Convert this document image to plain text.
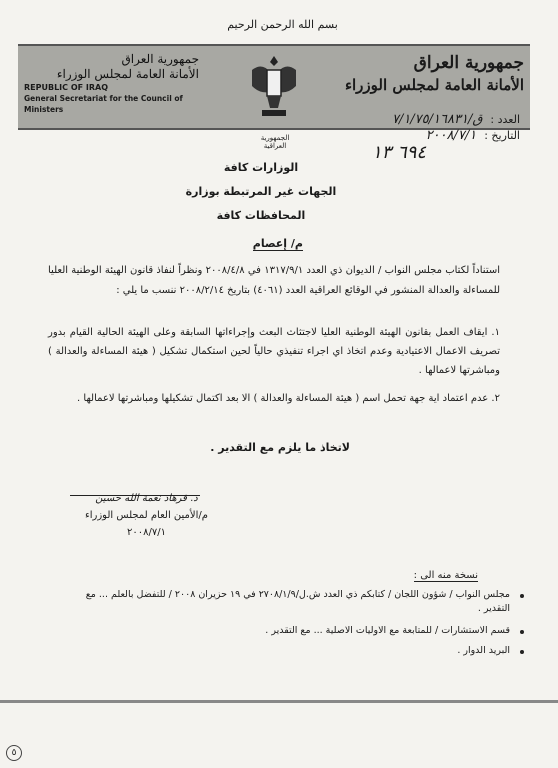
بسم الله الرحمن الرحيم
جمهورية العراق
الأمانة العامة لمجلس الوزراء
REPUBLIC OF IRAQ
General Secretariat for the Council of Ministers
الجمهورية العراقية
جمهورية العراق
الأمانة العامة لمجلس الوزراء
العدد :
ق/٧/١/٧٥/١٦٨٣١
التاريخ :
٢٠٠٨/٧/١
٦٩٤ ١٣
الوزارات كافة
الجهات غير المرتبطة بوزارة
المحافظات كافة
م/ إعصام
استناداً لكتاب مجلس النواب / الديوان ذي العدد ١٣١٧/٩/١ في ٢٠٠٨/٤/٨ ونظراً لنفاذ قانون الهيئة الوطنية العليا للمساءلة والعدالة المنشور في الوقائع العراقية العدد (٤٠٦١) بتاريخ ٢٠٠٨/٢/١٤ ننسب ما يلي :
١. ايقاف العمل بقانون الهيئة الوطنية العليا لاجتثاث البعث وإجراءاتها السابقة وعلى الهيئة الحالية القيام بدور تصريف الاعمال الاعتيادية وعدم اتخاذ اي اجراء تنفيذي حالياً لحين استكمال تشكيل ( هيئة المساءلة والعدالة ) ومباشرتها لاعمالها .
٢. عدم اعتماد اية جهة تحمل اسم ( هيئة المساءلة والعدالة ) الا بعد اكتمال تشكيلها ومباشرتها لاعمالها .
لاتخاذ ما يلزم مع التقدير .
د. فرهاد نعمة الله حسين
م/الأمين العام لمجلس الوزراء
٢٠٠٨/٧/١
نسخة منه الى :
مجلس النواب / شؤون اللجان / كتابكم ذي العدد ش.ل/٢٧٠٨/١/٩ في ١٩ حزيران ٢٠٠٨ / للتفضل بالعلم ... مع التقدير .
قسم الاستشارات / للمتابعة مع الاوليات الاصلية ... مع التقدير .
البريد الدوار .
٥
